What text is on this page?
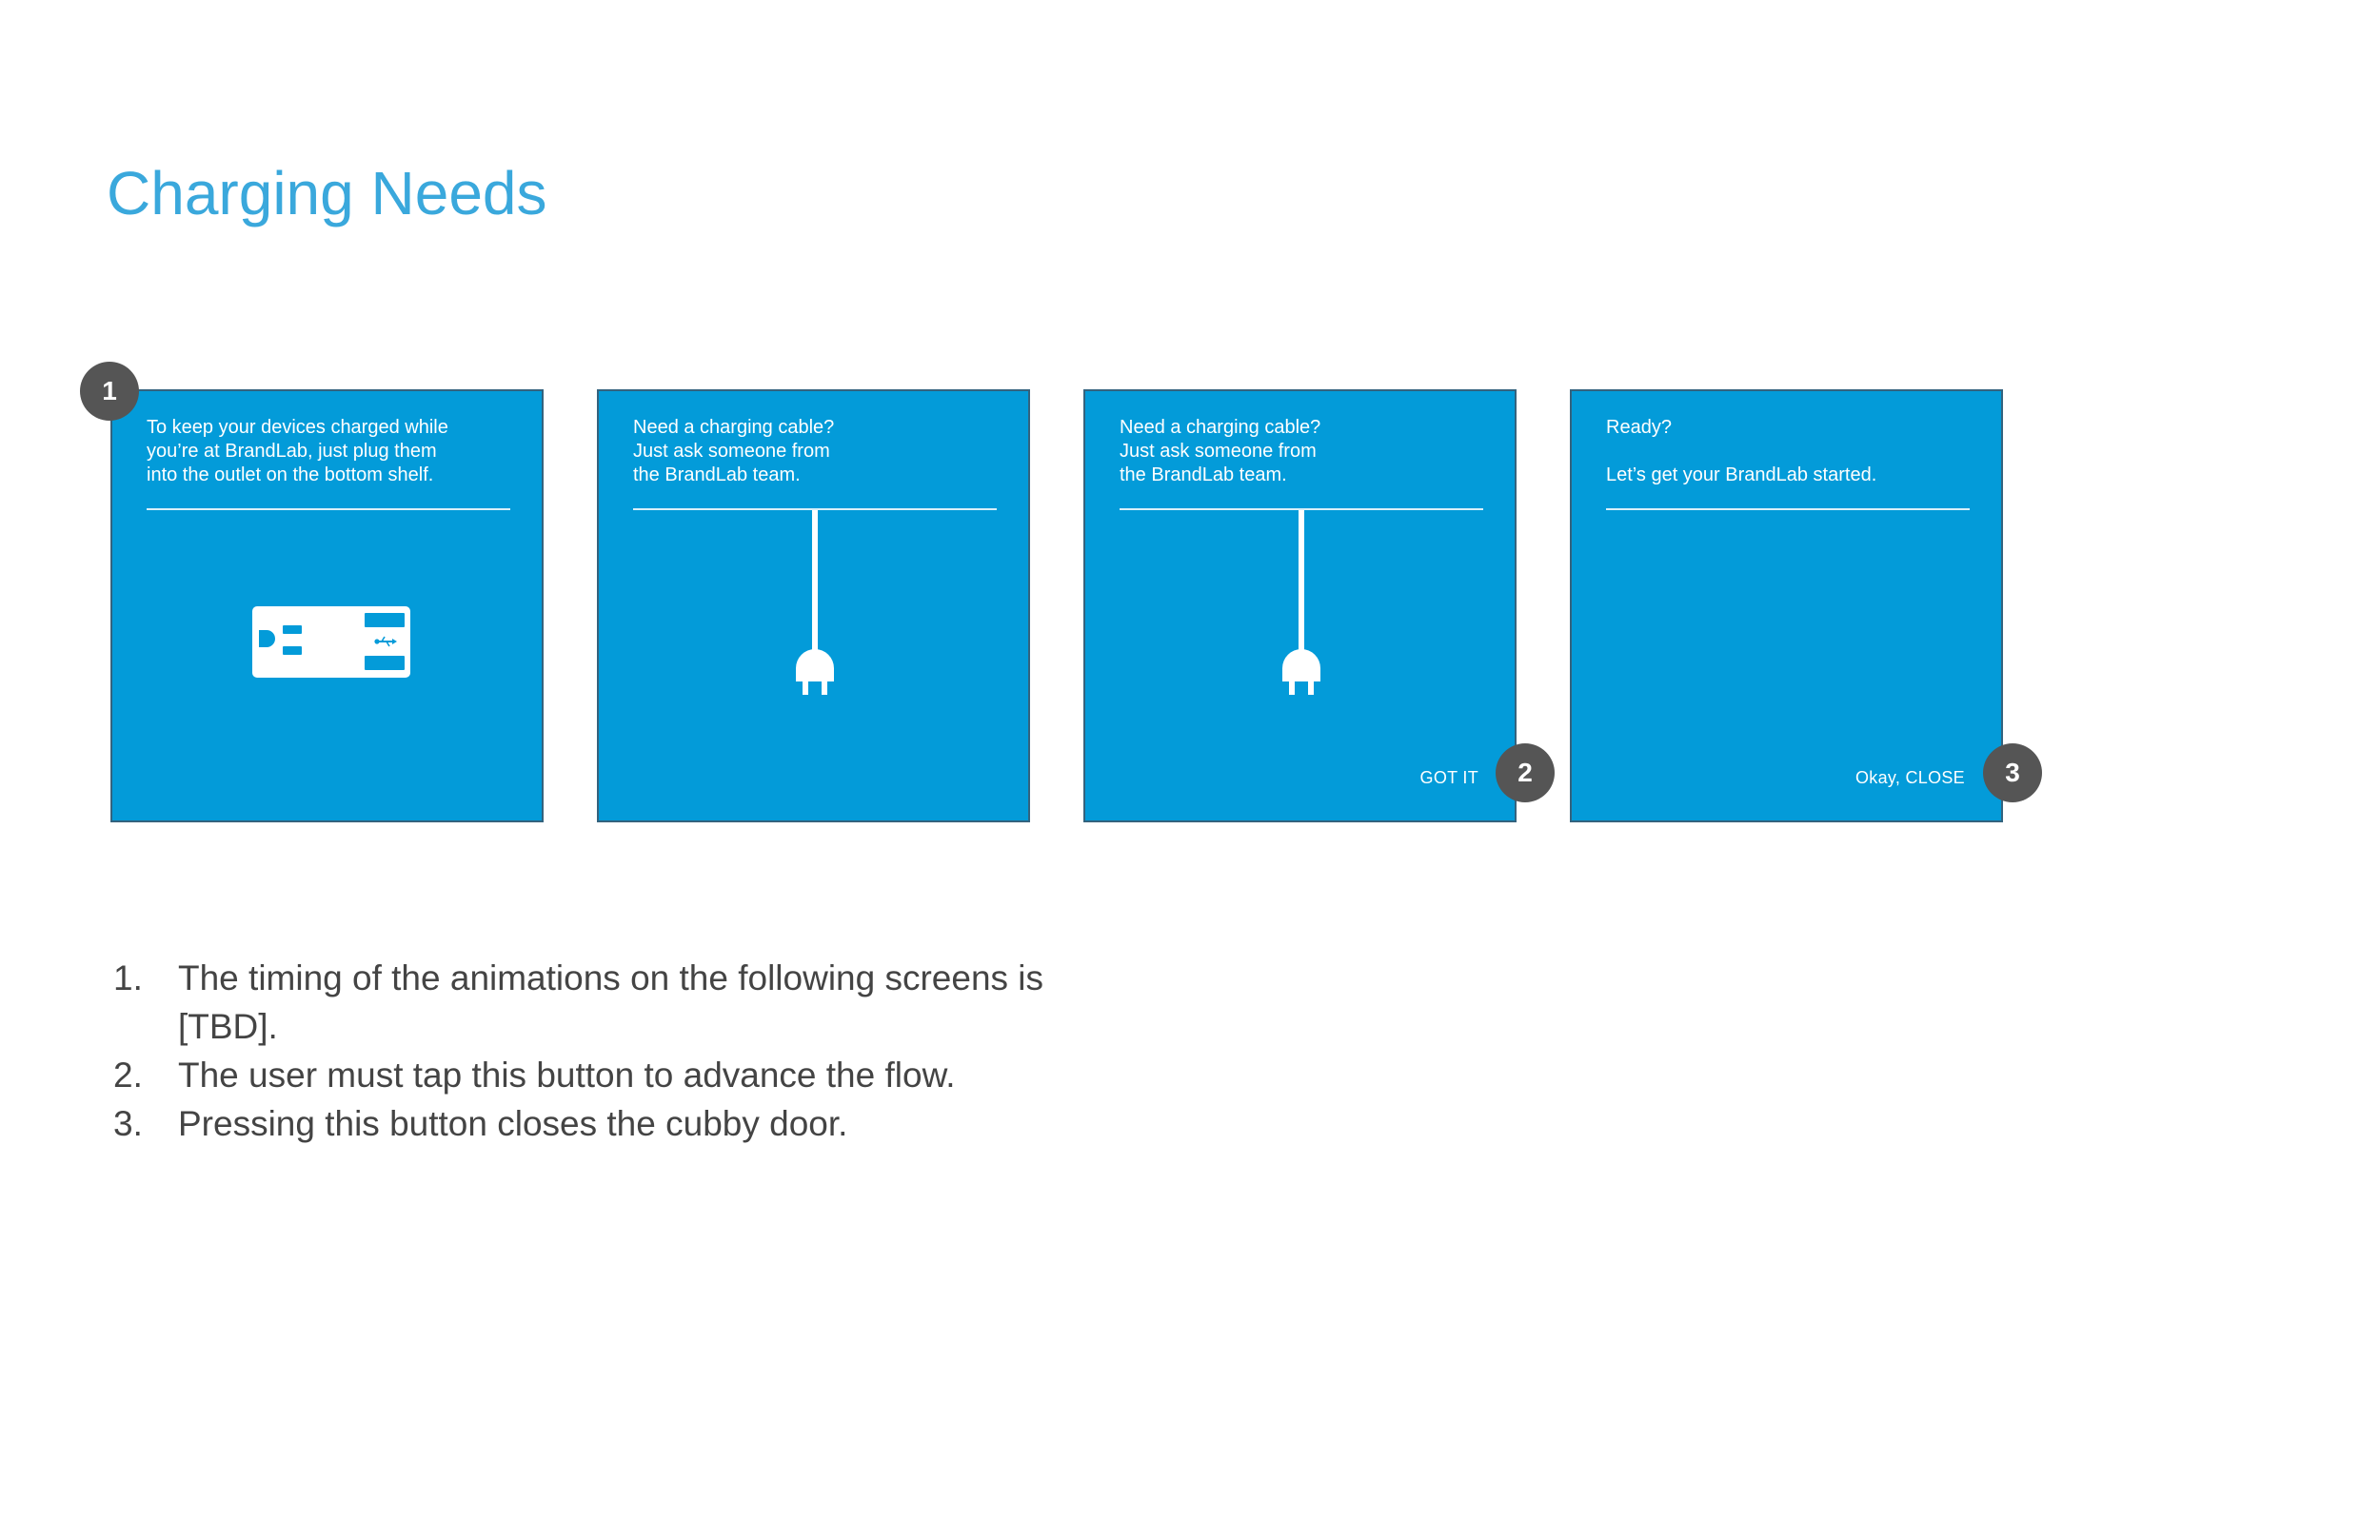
Charging Needs
To keep your devices charged while
you’re at BrandLab, just plug them
into the outlet on the bottom shelf.
Need a charging cable?
Just ask someone from
the BrandLab team.
Need a charging cable?
Just ask someone from
the BrandLab team.
GOT IT
Ready?

Let’s get your BrandLab started.
Okay, CLOSE
1
2	3
1. The timing of the animations on the following screens is [TBD].
2. The user must tap this button to advance the flow.
3. Pressing this button closes the cubby door.
